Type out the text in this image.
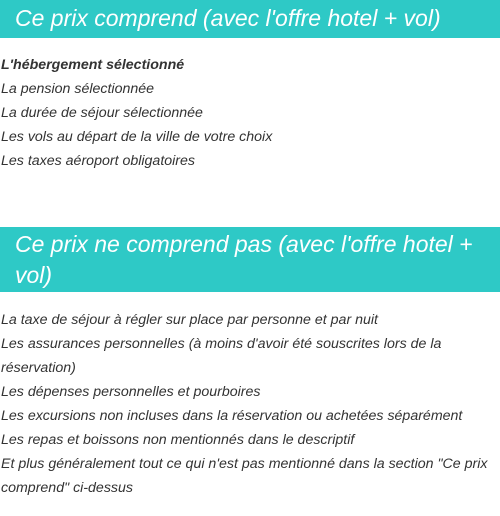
Ce prix comprend (avec l'offre hotel + vol)
L'hébergement sélectionné
La pension sélectionnée
La durée de séjour sélectionnée
Les vols au départ de la ville de votre choix
Les taxes aéroport obligatoires
Ce prix ne comprend pas (avec l'offre hotel + vol)
La taxe de séjour à régler sur place par personne et par nuit
Les assurances personnelles (à moins d'avoir été souscrites lors de la réservation)
Les dépenses personnelles et pourboires
Les excursions non incluses dans la réservation ou achetées séparément
Les repas et boissons non mentionnés dans le descriptif
Et plus généralement tout ce qui n'est pas mentionné dans la section "Ce prix comprend" ci-dessus
